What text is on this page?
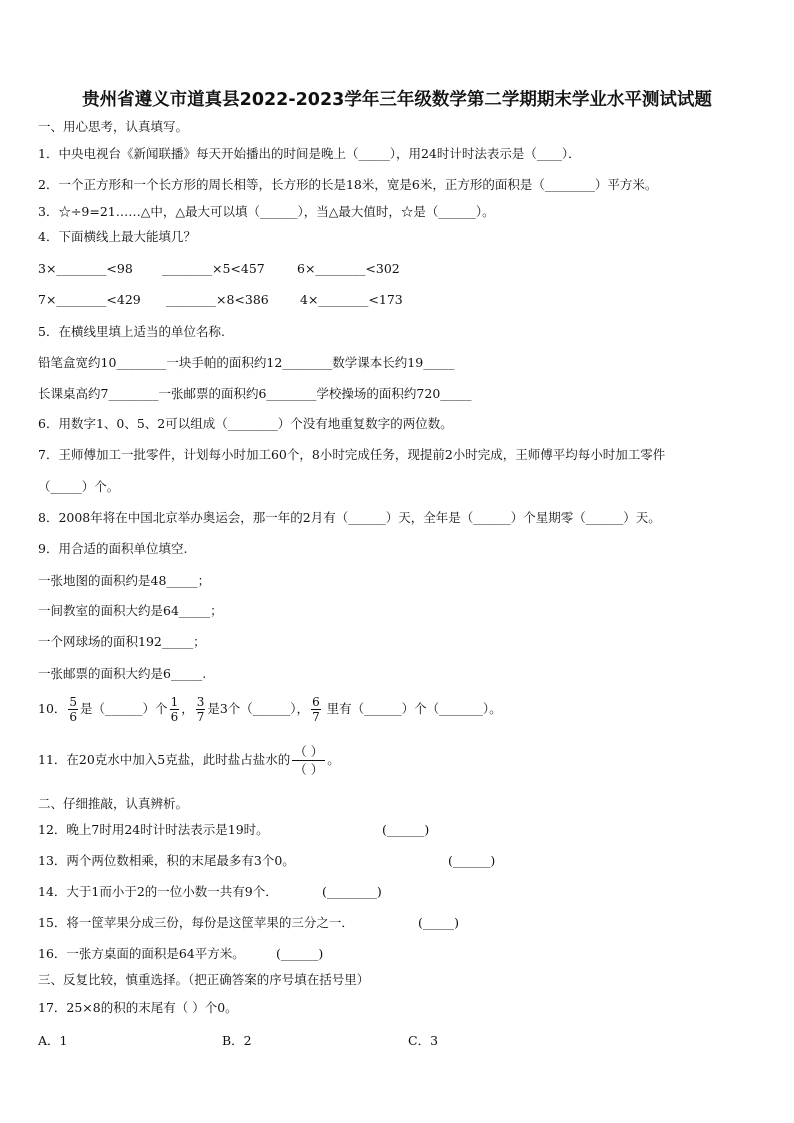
贵州省遵义市道真县2022-2023学年三年级数学第二学期期末学业水平测试试题
一、用心思考，认真填写。
1．中央电视台《新闻联播》每天开始播出的时间是晚上（_____），用24时计时法表示是（____）．
2．一个正方形和一个长方形的周长相等，长方形的长是18米，宽是6米，正方形的面积是（________）平方米。
3．☆÷9=21……△中，△最大可以填（______），当△最大值时，☆是（______）。
4．下面横线上最大能填几？
3×________<98 ________×5<457	6×________<302
7×________<429 ________×8<386 4×________<173
5．在横线里填上适当的单位名称.
铅笔盒宽约10________一块手帕的面积约12________数学课本长约19_____
长课桌高约7________一张邮票的面积约6________学校操场的面积约720_____
6．用数字1、0、5、2可以组成（________）个没有地重复数字的两位数。
7．王师傅加工一批零件，计划每小时加工60个，8小时完成任务，现提前2小时完成，王师傅平均每小时加工零件
（_____）个。
8．2008年将在中国北京举办奥运会，那一年的2月有（______）天，全年是（______）个星期零（______）天。
9．用合适的面积单位填空.
一张地图的面积约是48_____；
一间教室的面积大约是64_____；
一个网球场的面积192_____；
一张邮票的面积大约是6_____.
10． $\frac{5}{6}$ 是（______）个 $\frac{1}{6}$ ， $\frac{3}{7}$ 是3个（______）， $\frac{6}{7}$ 里有（______）个（_______）。
11．在20克水中加入5克盐，此时盐占盐水的 $\frac{( )}{( )}$ 。
二、仔细推敲，认真辨析。
12．晚上7时用24时计时法表示是19时。	(______)
13．两个两位数相乘，积的末尾最多有3个0。	(______)
14．大于1而小于2的一位小数一共有9个．	(________)
15．将一筐苹果分成三份，每份是这筐苹果的三分之一．	(_____)
16．一张方桌面的面积是64平方米。 (______)
三、反复比较，慎重选择。（把正确答案的序号填在括号里）
17．25×8的积的末尾有（ ）个0。
A．1	B．2	C．3
